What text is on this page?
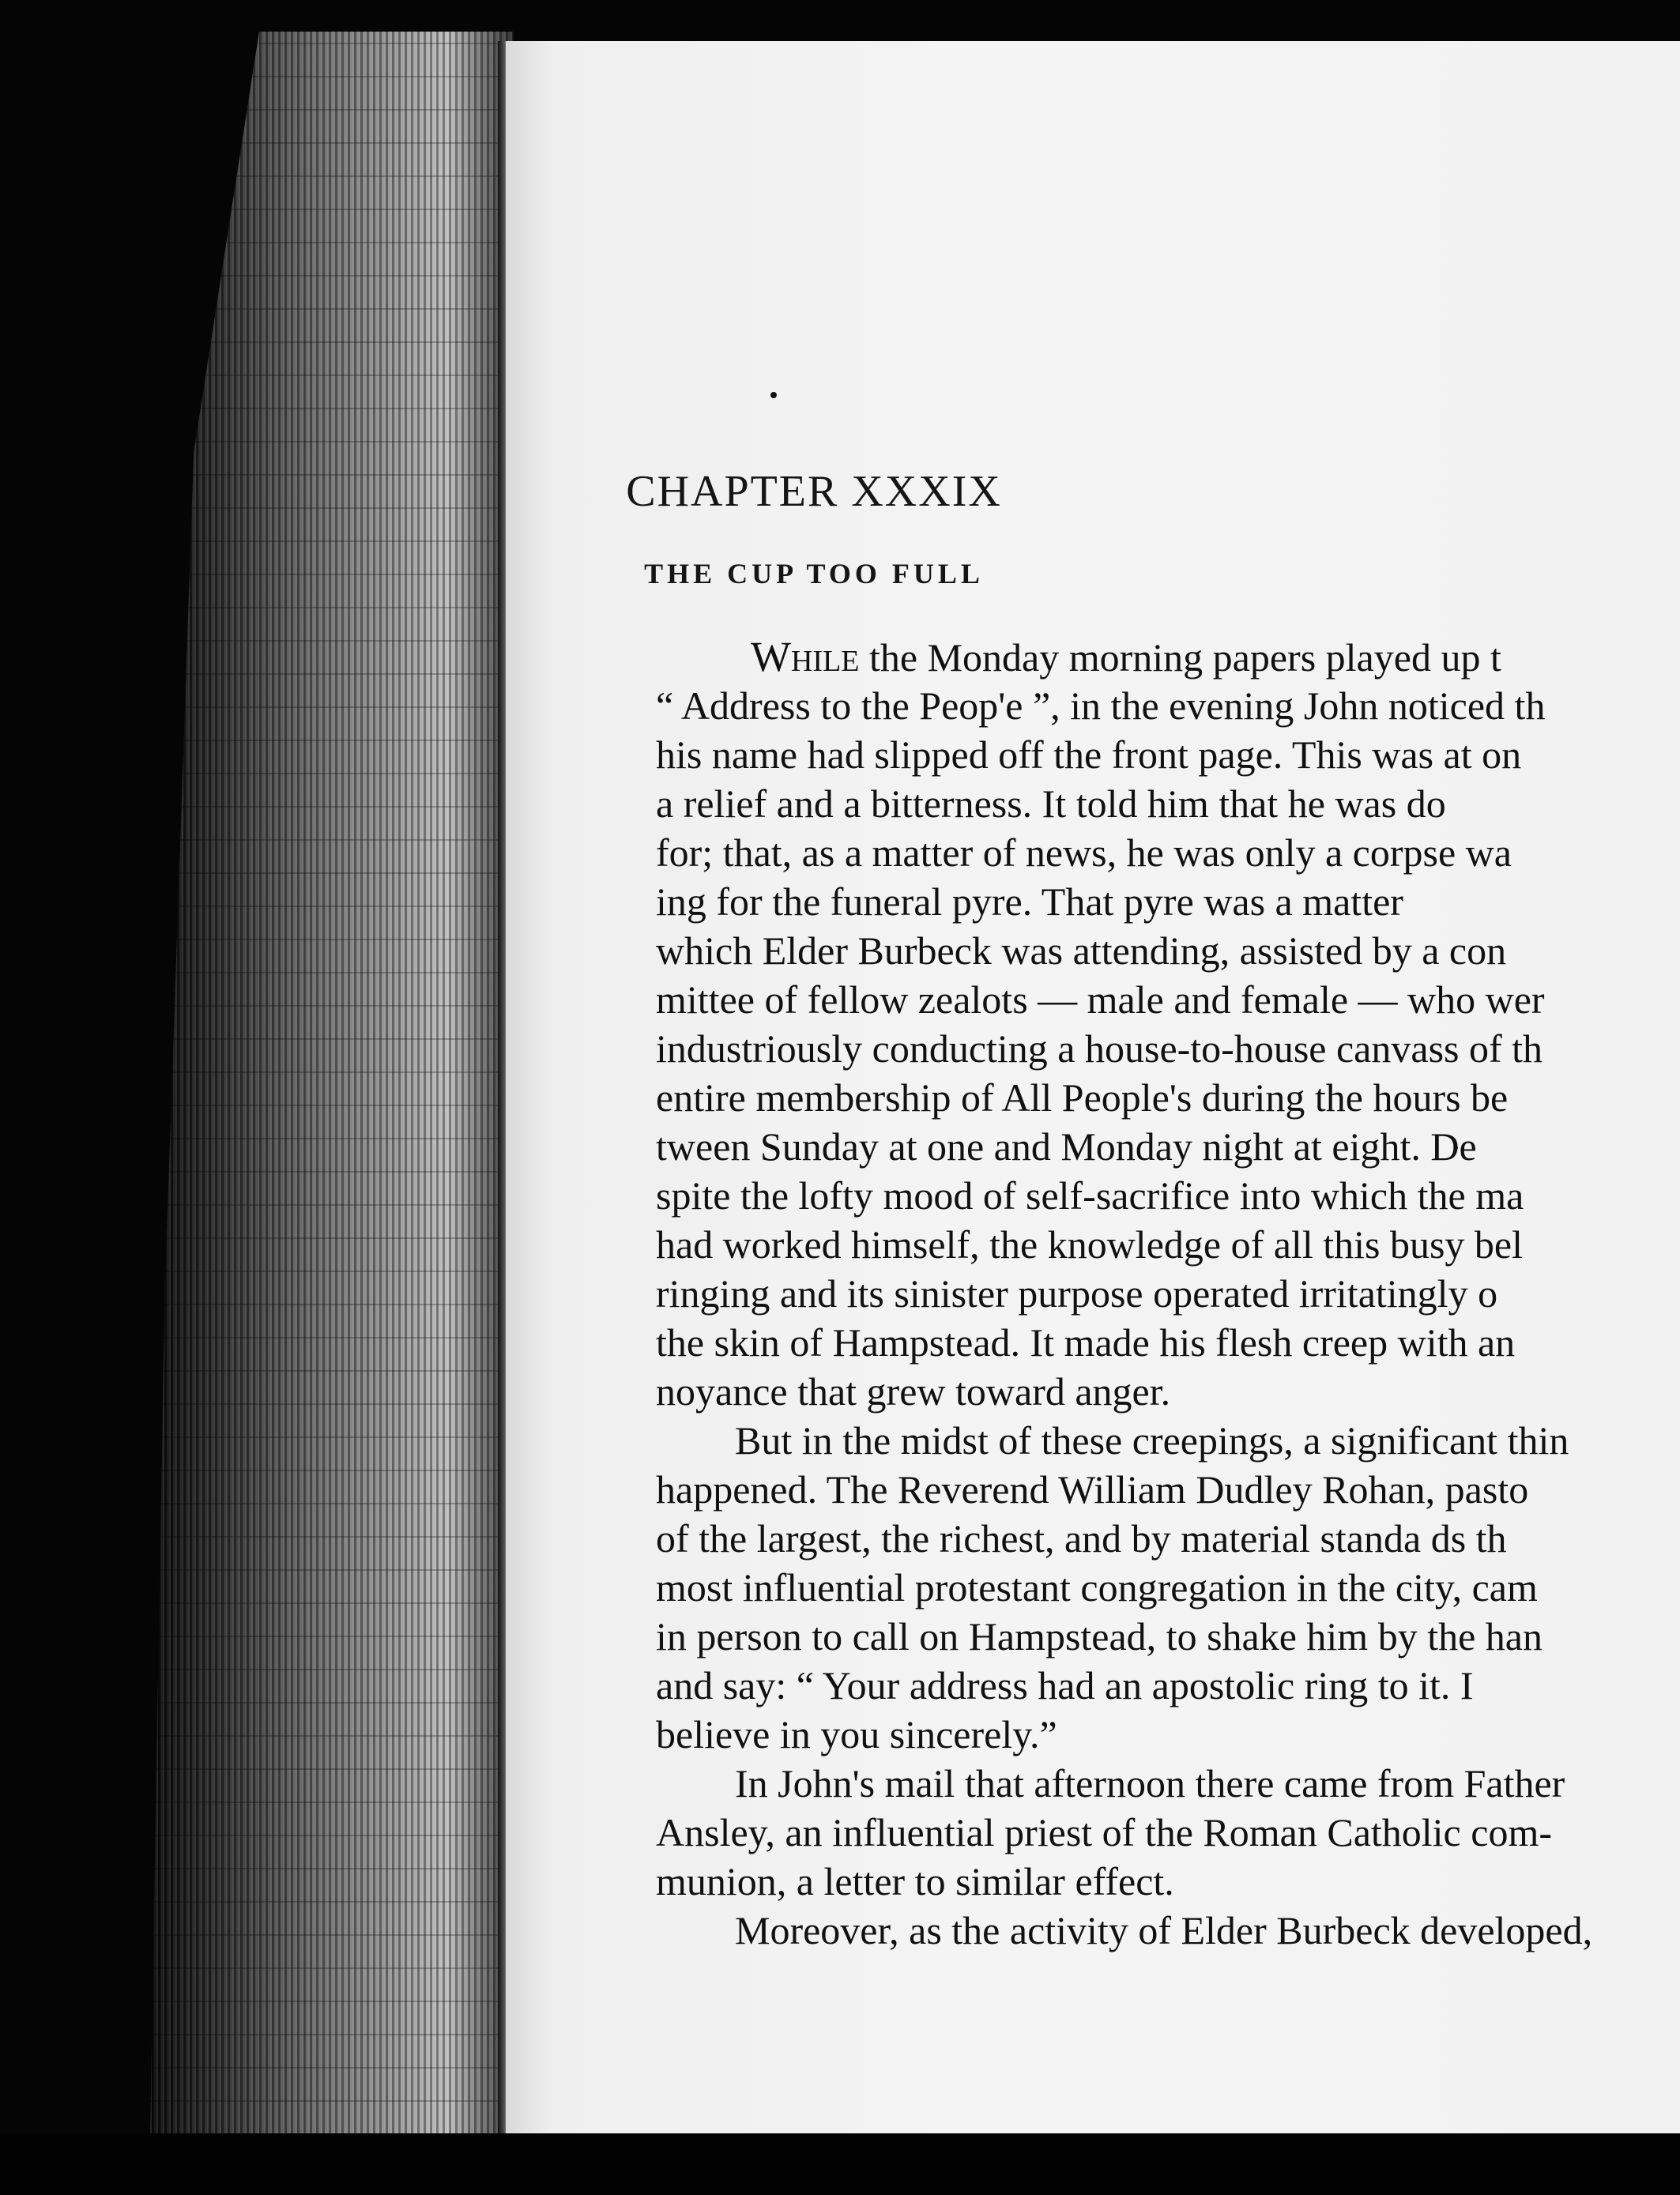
CHAPTER XXXIX
THE CUP TOO FULL
While the Monday morning papers played up t
“ Address to the Peop'e ”, in the evening John noticed th
his name had slipped off the front page. This was at on
a relief and a bitterness. It told him that he was do
for; that, as a matter of news, he was only a corpse wa
ing for the funeral pyre. That pyre was a matter
which Elder Burbeck was attending, assisted by a con
mittee of fellow zealots — male and female — who wer
industriously conducting a house-to-house canvass of th
entire membership of All People's during the hours be
tween Sunday at one and Monday night at eight. De
spite the lofty mood of self-sacrifice into which the ma
had worked himself, the knowledge of all this busy bel
ringing and its sinister purpose operated irritatingly o
the skin of Hampstead. It made his flesh creep with an
noyance that grew toward anger.
But in the midst of these creepings, a significant thin
happened. The Reverend William Dudley Rohan, pasto
of the largest, the richest, and by material standa ds th
most influential protestant congregation in the city, cam
in person to call on Hampstead, to shake him by the han
and say: “ Your address had an apostolic ring to it. I
believe in you sincerely.”
In John's mail that afternoon there came from Father
Ansley, an influential priest of the Roman Catholic com-
munion, a letter to similar effect.
Moreover, as the activity of Elder Burbeck developed,
